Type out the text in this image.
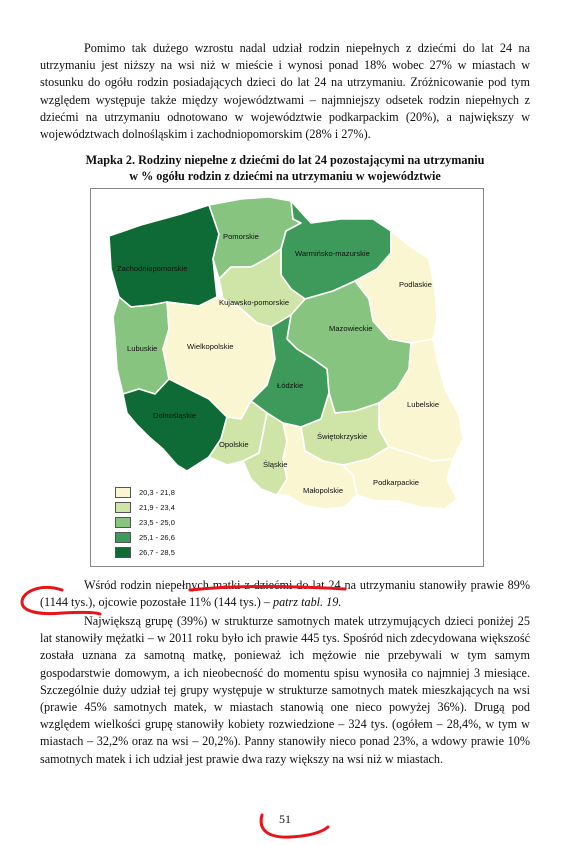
Pomimo tak dużego wzrostu nadal udział rodzin niepełnych z dziećmi do lat 24 na utrzymaniu jest niższy na wsi niż w mieście i wynosi ponad 18% wobec 27% w miastach w stosunku do ogółu rodzin posiadających dzieci do lat 24 na utrzymaniu. Zróżnicowanie pod tym względem występuje także między województwami – najmniejszy odsetek rodzin niepełnych z dziećmi na utrzymaniu odnotowano w województwie podkarpackim (20%), a największy w województwach dolnośląskim i zachodniopomorskim (28% i 27%).

Mapka 2. Rodziny niepełne z dziećmi do lat 24 pozostającymi na utrzymaniu
w % ogółu rodzin z dziećmi na utrzymaniu w województwie
Zachodniopomorskie
Pomorskie
Warmińsko-mazurskie
Podlaskie
Kujawsko-pomorskie
Lubuskie	Wielkopolskie
Mazowieckie
Łódzkie
Lubelskie
Dolnośląskie
Opolskie
Świętokrzyskie
Śląskie
Małopolskie
Podkarpackie
20,3 - 21,8
21,9 - 23,4
23,5 - 25,0
25,1 - 26,6
26,7 - 28,5

Wśród rodzin niepełnych matki z dziećmi do lat 24 na utrzymaniu stanowiły prawie 89% (1144 tys.), ojcowie pozostałe 11% (144 tys.) – patrz tabl. 19.

Największą grupę (39%) w strukturze samotnych matek utrzymujących dzieci poniżej 25 lat stanowiły mężatki – w 2011 roku było ich prawie 445 tys. Spośród nich zdecydowana większość została uznana za samotną matkę, ponieważ ich mężowie nie przebywali w tym samym gospodarstwie domowym, a ich nieobecność do momentu spisu wynosiła co najmniej 3 miesiące. Szczególnie duży udział tej grupy występuje w strukturze samotnych matek mieszkających na wsi (prawie 45% samotnych matek, w miastach stanowią one nieco powyżej 36%). Drugą pod względem wielkości grupę stanowiły kobiety rozwiedzione – 324 tys. (ogółem – 28,4%, w tym w miastach – 32,2% oraz na wsi – 20,2%). Panny stanowiły nieco ponad 23%, a wdowy prawie 10% samotnych matek i ich udział jest prawie dwa razy większy na wsi niż w miastach.

51
